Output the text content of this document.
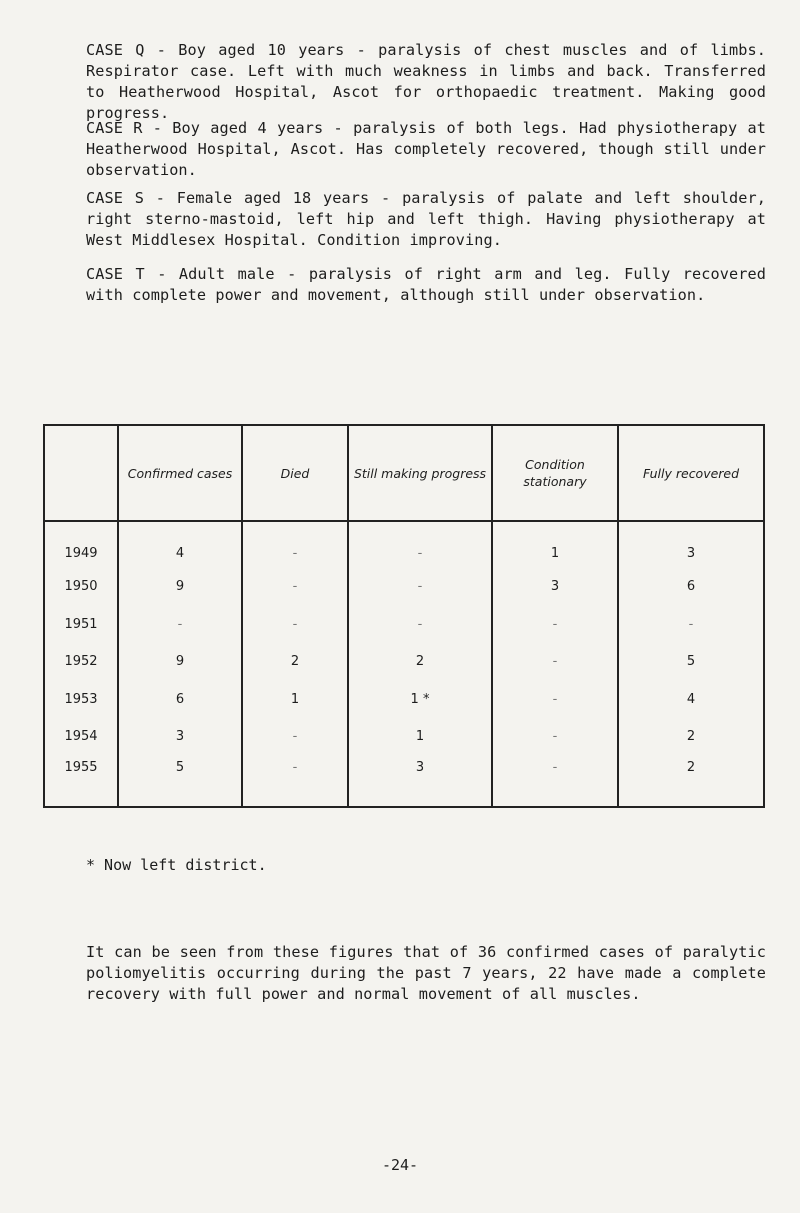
CASE Q - Boy aged 10 years - paralysis of chest muscles and of limbs. Respirator case. Left with much weakness in limbs and back. Transferred to Heatherwood Hospital, Ascot for orthopaedic treatment. Making good progress.

CASE R - Boy aged 4 years - paralysis of both legs. Had physiotherapy at Heatherwood Hospital, Ascot. Has completely recovered, though still under observation.

CASE S - Female aged 18 years - paralysis of palate and left shoulder, right sterno-mastoid, left hip and left thigh. Having physiotherapy at West Middlesex Hospital. Condition improving.

CASE T - Adult male - paralysis of right arm and leg. Fully recovered with complete power and movement, although still under observation.

	Confirmed cases	Died	Still making progress	Condition stationary	Fully recovered
1949	4	-	-	1	3
1950	9	-	-	3	6
1951	-	-	-	-	-
1952	9	2	2	-	5
1953	6	1	1 *	-	4
1954	3	-	1	-	2
1955	5	-	3	-	2
* Now left district.

It can be seen from these figures that of 36 confirmed cases of paralytic poliomyelitis occurring during the past 7 years, 22 have made a complete recovery with full power and normal movement of all muscles.

-24-
